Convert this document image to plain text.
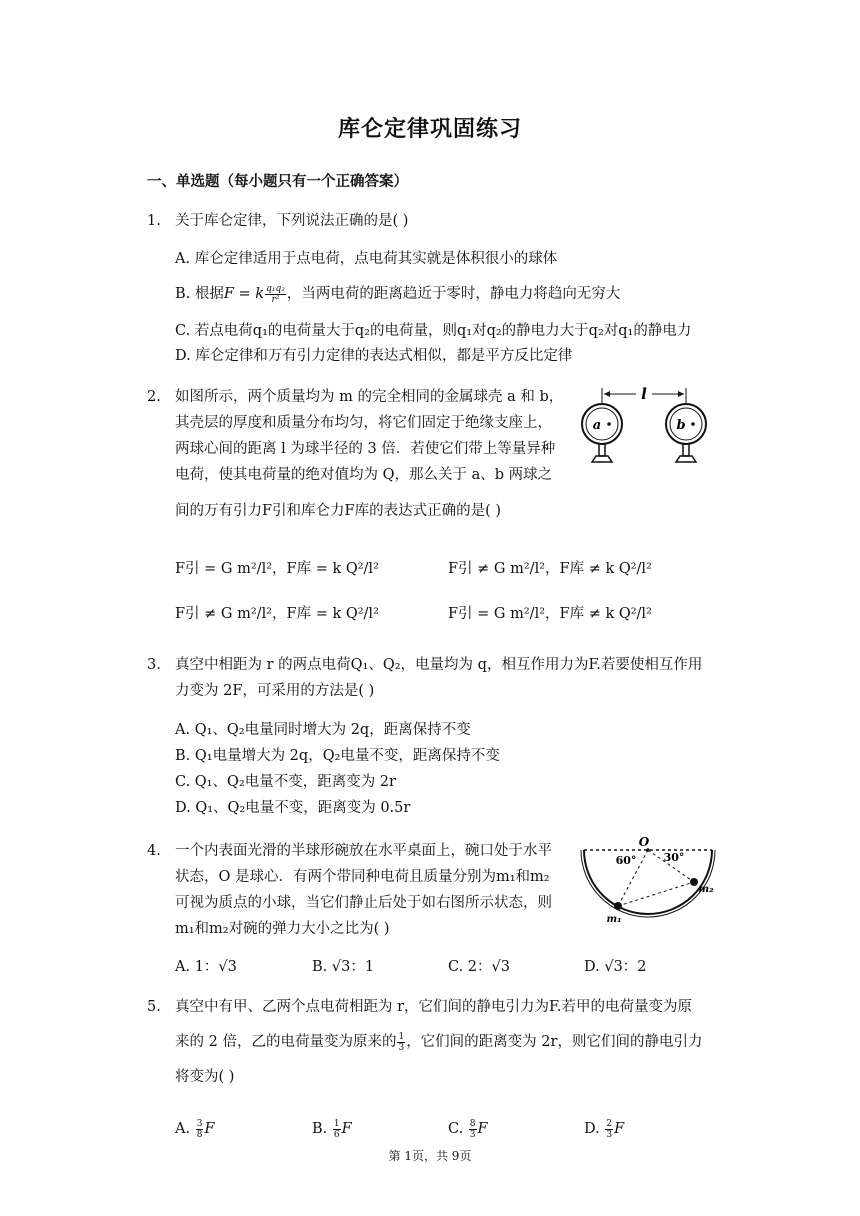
库仑定律巩固练习
一、单选题（每小题只有一个正确答案）
1. 关于库仑定律，下列说法正确的是( )
A. 库仑定律适用于点电荷，点电荷其实就是体积很小的球体
B. 根据F = k $\frac{\text{q₁q₂}}{\text{r²}}$ ，当两电荷的距离趋近于零时，静电力将趋向无穷大
C. 若点电荷q₁的电荷量大于q₂的电荷量，则q₁对q₂的静电力大于q₂对q₁的静电力
D. 库仑定律和万有引力定律的表达式相似，都是平方反比定律
2. 如图所示，两个质量均为 m 的完全相同的金属球壳 a 和 b，
其壳层的厚度和质量分布均匀，将它们固定于绝缘支座上，
两球心间的距离 l 为球半径的 3 倍．若使它们带上等量异种
电荷，使其电荷量的绝对值均为 Q，那么关于 a、b 两球之
间的万有引力F引和库仑力F库的表达式正确的是( )
l
a	b
F引 = G m²/l²，F库 = k Q²/l²	F引 ≠ G m²/l²，F库 ≠ k Q²/l²
F引 ≠ G m²/l²，F库 = k Q²/l²	F引 = G m²/l²，F库 ≠ k Q²/l²
3. 真空中相距为 r 的两点电荷Q₁、Q₂，电量均为 q，相互作用力为F.若要使相互作用
力变为 2F，可采用的方法是( )
A. Q₁、Q₂电量同时增大为 2q，距离保持不变
B. Q₁电量增大为 2q，Q₂电量不变，距离保持不变
C. Q₁、Q₂电量不变，距离变为 2r
D. Q₁、Q₂电量不变，距离变为 0.5r
4. 一个内表面光滑的半球形碗放在水平桌面上，碗口处于水平
状态，O 是球心．有两个带同种电荷且质量分别为m₁和m₂
可视为质点的小球，当它们静止后处于如右图所示状态，则
m₁和m₂对碗的弹力大小之比为( )
O
60° 30°
m₁
m₂
A. 1：√3	B. √3：1	C. 2：√3	D. √3：2
5. 真空中有甲、乙两个点电荷相距为 r，它们间的静电引力为F.若甲的电荷量变为原
来的 2 倍，乙的电荷量变为原来的 $\frac{1}{3}$ ，它们间的距离变为 2r，则它们间的静电引力
将变为( )
A. $\frac{3}{8}$ F	B. $\frac{1}{6}$ F	C. $\frac{8}{3}$ F	D. $\frac{2}{3}$ F
第 1页，共 9页
